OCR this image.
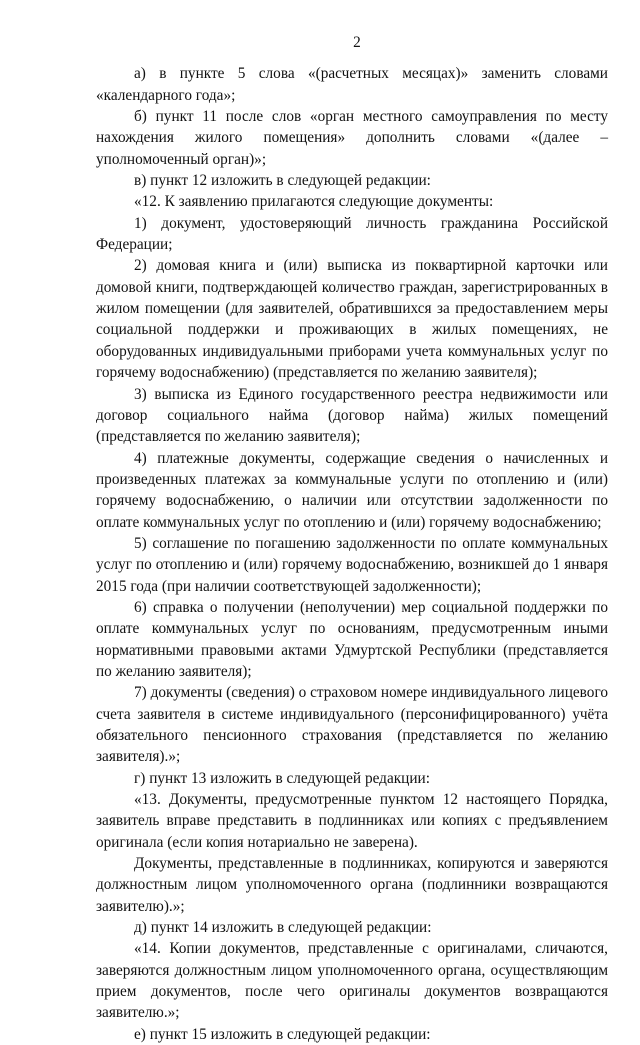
2

а) в пункте 5 слова «(расчетных месяцах)» заменить словами «календарного года»;

б) пункт 11 после слов «орган местного самоуправления по месту нахождения жилого помещения» дополнить словами «(далее – уполномоченный орган)»;

в) пункт 12 изложить в следующей редакции:

«12. К заявлению прилагаются следующие документы:

1) документ, удостоверяющий личность гражданина Российской Федерации;

2) домовая книга и (или) выписка из поквартирной карточки или домовой книги, подтверждающей количество граждан, зарегистрированных в жилом помещении (для заявителей, обратившихся за предоставлением меры социальной поддержки и проживающих в жилых помещениях, не оборудованных индивидуальными приборами учета коммунальных услуг по горячему водоснабжению) (представляется по желанию заявителя);

3) выписка из Единого государственного реестра недвижимости или договор социального найма (договор найма) жилых помещений (представляется по желанию заявителя);

4) платежные документы, содержащие сведения о начисленных и произведенных платежах за коммунальные услуги по отоплению и (или) горячему водоснабжению, о наличии или отсутствии задолженности по оплате коммунальных услуг по отоплению и (или) горячему водоснабжению;

5) соглашение по погашению задолженности по оплате коммунальных услуг по отоплению и (или) горячему водоснабжению, возникшей до 1 января 2015 года (при наличии соответствующей задолженности);

6) справка о получении (неполучении) мер социальной поддержки по оплате коммунальных услуг по основаниям, предусмотренным иными нормативными правовыми актами Удмуртской Республики (представляется по желанию заявителя);

7) документы (сведения) о страховом номере индивидуального лицевого счета заявителя в системе индивидуального (персонифицированного) учёта обязательного пенсионного страхования (представляется по желанию заявителя).»;

г) пункт 13 изложить в следующей редакции:

«13. Документы, предусмотренные пунктом 12 настоящего Порядка, заявитель вправе представить в подлинниках или копиях с предъявлением оригинала (если копия нотариально не заверена).

Документы, представленные в подлинниках, копируются и заверяются должностным лицом уполномоченного органа (подлинники возвращаются заявителю).»;

д) пункт 14 изложить в следующей редакции:

«14. Копии документов, представленные с оригиналами, сличаются, заверяются должностным лицом уполномоченного органа, осуществляющим прием документов, после чего оригиналы документов возвращаются заявителю.»;

е) пункт 15 изложить в следующей редакции:
